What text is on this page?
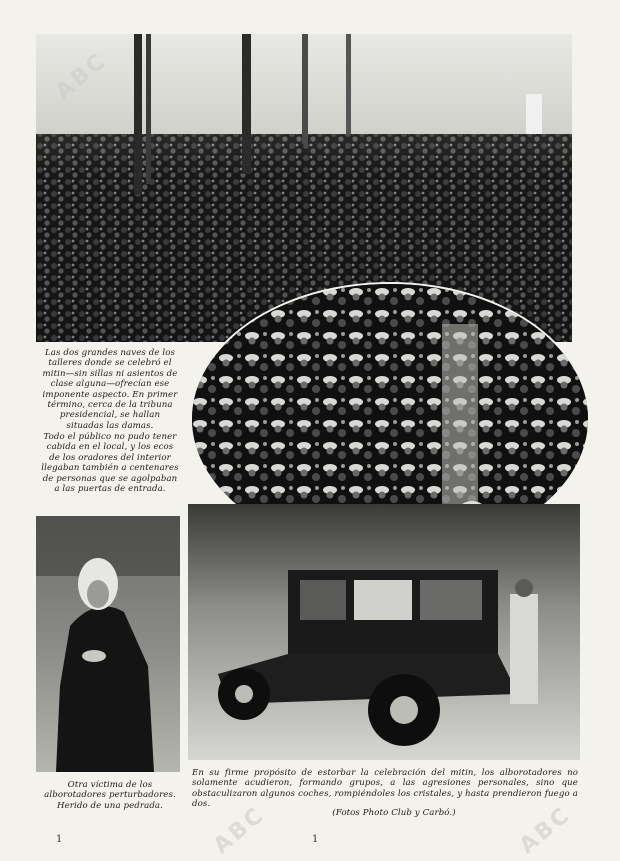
Las dos grandes naves de los talleres donde se celebró el mitin—sin sillas ni asientos de clase alguna—ofrecían ese imponente aspecto. En primer término, cerca de la tribuna presidencial, se hallan situadas las damas.
Todo el público no pudo tener cabida en el local, y los ecos de los oradores del interior llegaban también a centenares de personas que se agolpaban a las puertas de entrada.
Otra víctima de los alborotadores perturbadores. Herido de una pedrada.
En su firme propósito de estorbar la celebración del mitin, los alborotadores no solamente acudieron, formando grupos, a las agresiones personales, sino que obstaculizaron algunos coches, rompiéndoles los cristales, y hasta prendieron fuego a dos.
(Fotos Photo Club y Carbó.)
ABC
ABC	ABC
1	1
